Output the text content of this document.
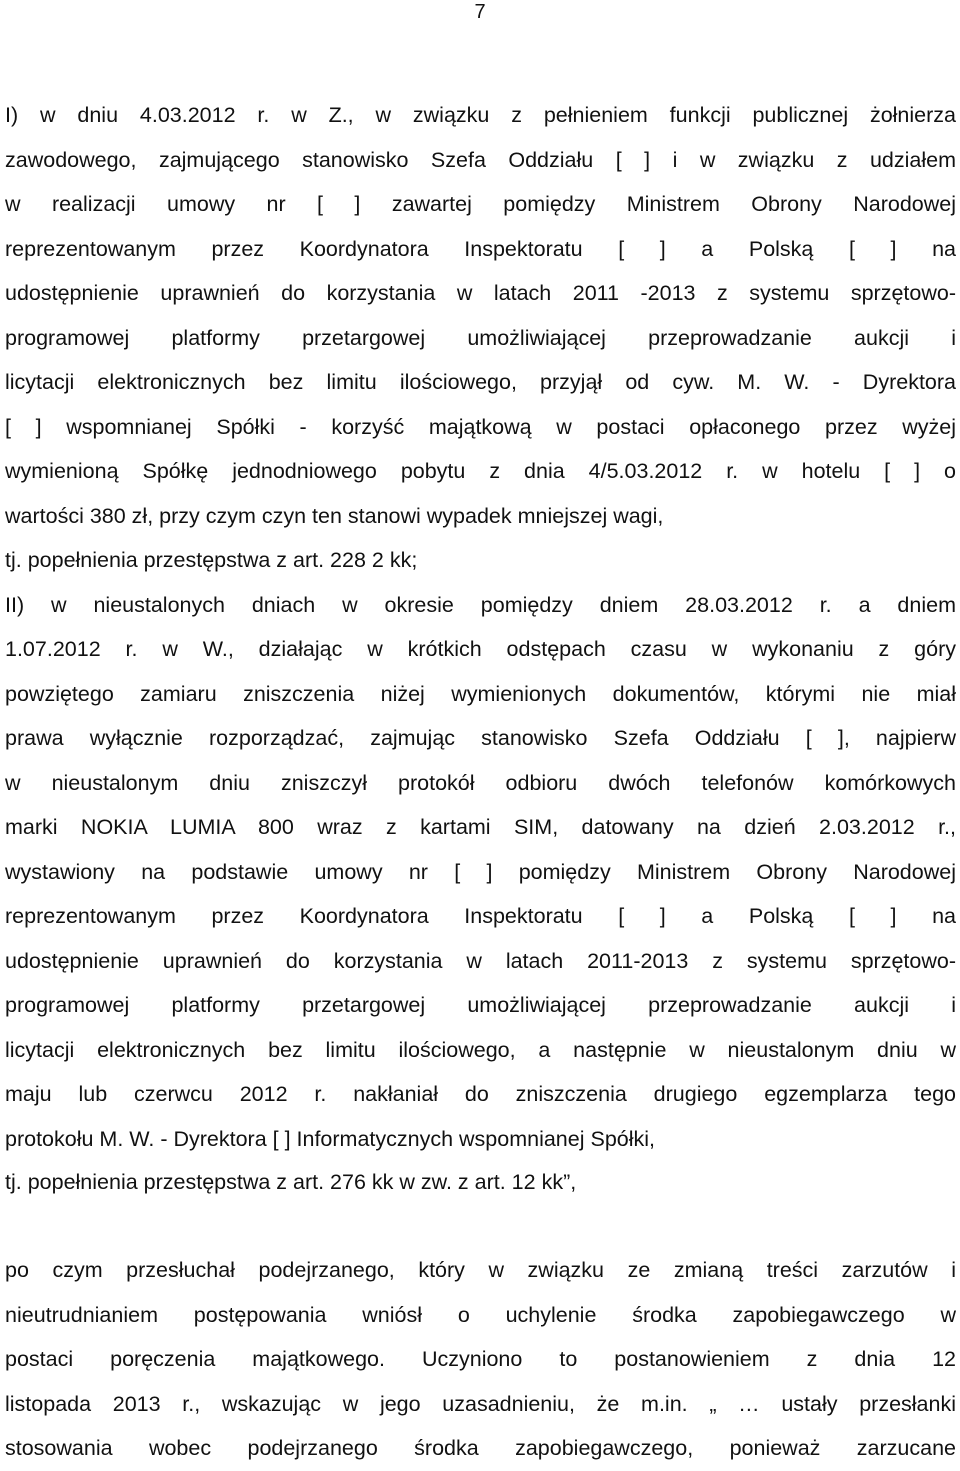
7
I) w dniu 4.03.2012 r. w Z., w związku z pełnieniem funkcji publicznej żołnierza
zawodowego, zajmującego stanowisko Szefa Oddziału [ ] i w związku z udziałem
w realizacji umowy nr [ ] zawartej pomiędzy Ministrem Obrony Narodowej
reprezentowanym przez Koordynatora Inspektoratu [ ] a Polską [ ] na
udostępnienie uprawnień do korzystania w latach 2011 -2013 z systemu sprzętowo-
programowej platformy przetargowej umożliwiającej przeprowadzanie aukcji i
licytacji elektronicznych bez limitu ilościowego, przyjął od cyw. M. W. - Dyrektora
[ ] wspomnianej Spółki - korzyść majątkową w postaci opłaconego przez wyżej
wymienioną Spółkę jednodniowego pobytu z dnia 4/5.03.2012 r. w hotelu [ ] o
wartości 380 zł, przy czym czyn ten stanowi wypadek mniejszej wagi,
tj. popełnienia przestępstwa z art. 228 2 kk;
II) w nieustalonych dniach w okresie pomiędzy dniem 28.03.2012 r. a dniem
1.07.2012 r. w W., działając w krótkich odstępach czasu w wykonaniu z góry
powziętego zamiaru zniszczenia niżej wymienionych dokumentów, którymi nie miał
prawa wyłącznie rozporządzać, zajmując stanowisko Szefa Oddziału [ ], najpierw
w nieustalonym dniu zniszczył protokół odbioru dwóch telefonów komórkowych
marki NOKIA LUMIA 800 wraz z kartami SIM, datowany na dzień 2.03.2012 r.,
wystawiony na podstawie umowy nr [ ] pomiędzy Ministrem Obrony Narodowej
reprezentowanym przez Koordynatora Inspektoratu [ ] a Polską [ ] na
udostępnienie uprawnień do korzystania w latach 2011-2013 z systemu sprzętowo-
programowej platformy przetargowej umożliwiającej przeprowadzanie aukcji i
licytacji elektronicznych bez limitu ilościowego, a następnie w nieustalonym dniu w
maju lub czerwcu 2012 r. nakłaniał do zniszczenia drugiego egzemplarza tego
protokołu M. W. - Dyrektora [ ] Informatycznych wspomnianej Spółki,
tj. popełnienia przestępstwa z art. 276 kk w zw. z art. 12 kk”,
po czym przesłuchał podejrzanego, który w związku ze zmianą treści zarzutów i
nieutrudnianiem postępowania wniósł o uchylenie środka zapobiegawczego w
postaci poręczenia majątkowego. Uczyniono to postanowieniem z dnia 12
listopada 2013 r., wskazując w jego uzasadnieniu, że m.in. „ … ustały przesłanki
stosowania wobec podejrzanego środka zapobiegawczego, ponieważ zarzucane
